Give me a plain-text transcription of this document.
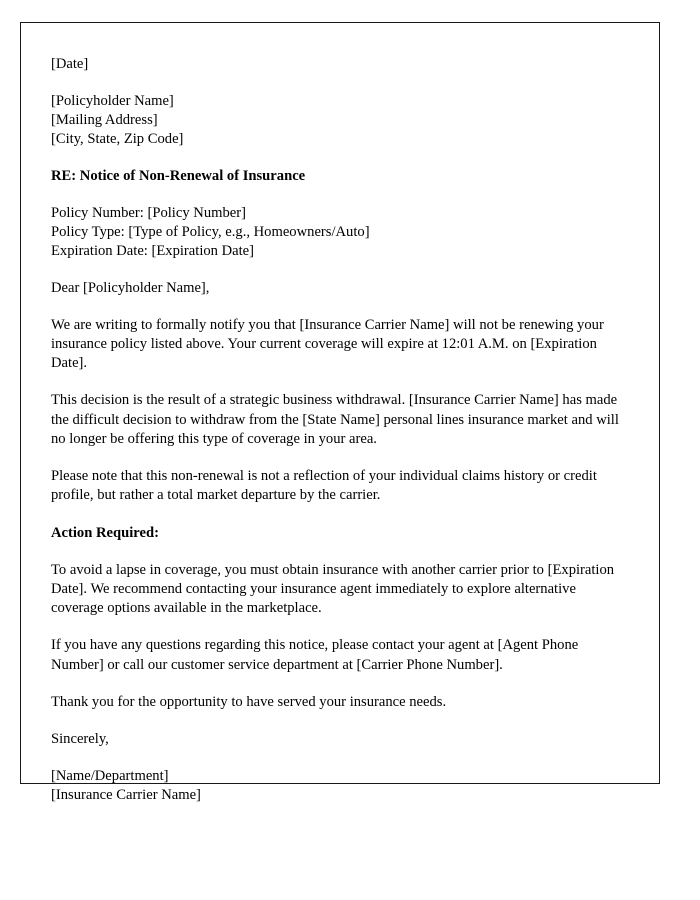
[Date]
[Policyholder Name]
[Mailing Address]
[City, State, Zip Code]
RE: Notice of Non-Renewal of Insurance
Policy Number: [Policy Number]
Policy Type: [Type of Policy, e.g., Homeowners/Auto]
Expiration Date: [Expiration Date]
Dear [Policyholder Name],

We are writing to formally notify you that [Insurance Carrier Name] will not be renewing your insurance policy listed above. Your current coverage will expire at 12:01 A.M. on [Expiration Date].

This decision is the result of a strategic business withdrawal. [Insurance Carrier Name] has made the difficult decision to withdraw from the [State Name] personal lines insurance market and will no longer be offering this type of coverage in your area.

Please note that this non-renewal is not a reflection of your individual claims history or credit profile, but rather a total market departure by the carrier.

Action Required:

To avoid a lapse in coverage, you must obtain insurance with another carrier prior to [Expiration Date]. We recommend contacting your insurance agent immediately to explore alternative coverage options available in the marketplace.

If you have any questions regarding this notice, please contact your agent at [Agent Phone Number] or call our customer service department at [Carrier Phone Number].

Thank you for the opportunity to have served your insurance needs.

Sincerely,
[Name/Department]
[Insurance Carrier Name]
